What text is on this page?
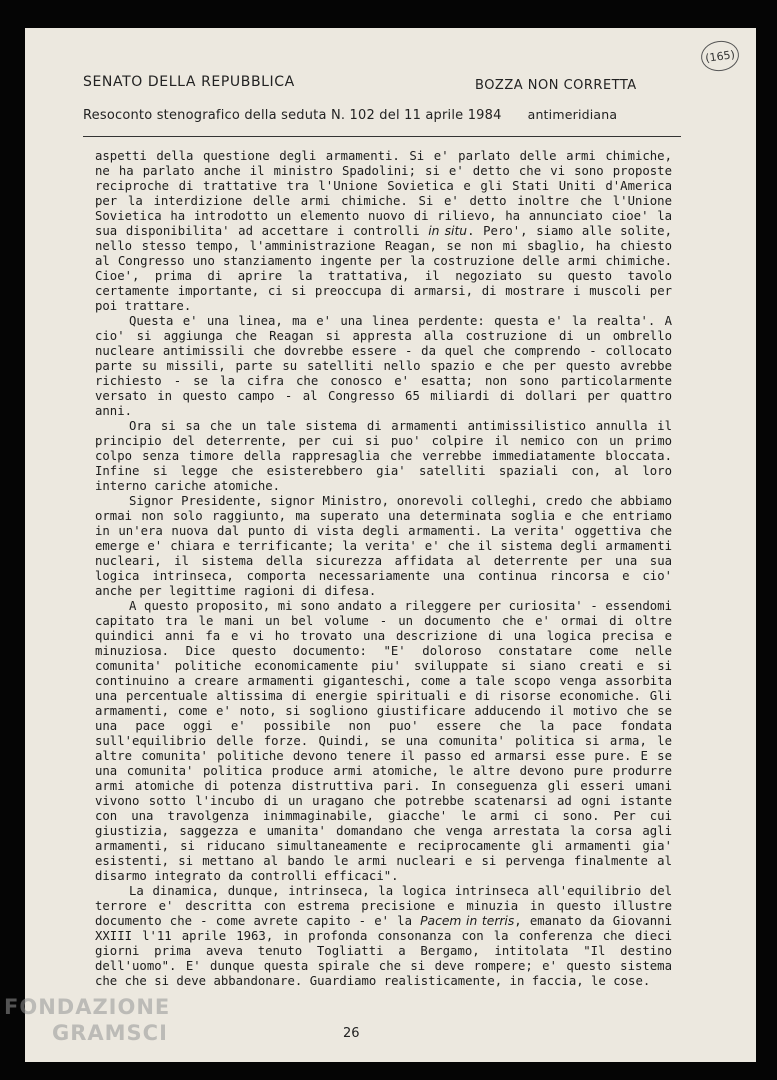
(165)
SENATO DELLA REPUBBLICA	BOZZA NON CORRETTA
Resoconto stenografico della seduta N. 102 del 11 aprile 1984 antimeridiana

aspetti della questione degli armamenti. Si e' parlato delle armi chimiche, ne ha parlato anche il ministro Spadolini; si e' detto che vi sono proposte reciproche di trattative tra l'Unione Sovietica e gli Stati Uniti d'America per la interdizione delle armi chimiche. Si e' detto inoltre che l'Unione Sovietica ha introdotto un elemento nuovo di rilievo, ha annunciato cioe' la sua disponibilita' ad accettare i controlli in situ. Pero', siamo alle solite, nello stesso tempo, l'amministrazione Reagan, se non mi sbaglio, ha chiesto al Congresso uno stanziamento ingente per la costruzione delle armi chimiche. Cioe', prima di aprire la trattativa, il negoziato su questo tavolo certamente importante, ci si preoccupa di armarsi, di mostrare i muscoli per poi trattare.

Questa e' una linea, ma e' una linea perdente: questa e' la realta'. A cio' si aggiunga che Reagan si appresta alla costruzione di un ombrello nucleare antimissili che dovrebbe essere - da quel che comprendo - collocato parte su missili, parte su satelliti nello spazio e che per questo avrebbe richiesto - se la cifra che conosco e' esatta; non sono particolarmente versato in questo campo - al Congresso 65 miliardi di dollari per quattro anni.

Ora si sa che un tale sistema di armamenti antimissilistico annulla il principio del deterrente, per cui si puo' colpire il nemico con un primo colpo senza timore della rappresaglia che verrebbe immediatamente bloccata. Infine si legge che esisterebbero gia' satelliti spaziali con, al loro interno cariche atomiche.

Signor Presidente, signor Ministro, onorevoli colleghi, credo che abbiamo ormai non solo raggiunto, ma superato una determinata soglia e che entriamo in un'era nuova dal punto di vista degli armamenti. La verita' oggettiva che emerge e' chiara e terrificante; la verita' e' che il sistema degli armamenti nucleari, il sistema della sicurezza affidata al deterrente per una sua logica intrinseca, comporta necessariamente una continua rincorsa e cio' anche per legittime ragioni di difesa.

A questo proposito, mi sono andato a rileggere per curiosita' - essendomi capitato tra le mani un bel volume - un documento che e' ormai di oltre quindici anni fa e vi ho trovato una descrizione di una logica precisa e minuziosa. Dice questo documento: "E' doloroso constatare come nelle comunita' politiche economicamente piu' sviluppate si siano creati e si continuino a creare armamenti giganteschi, come a tale scopo venga assorbita una percentuale altissima di energie spirituali e di risorse economiche. Gli armamenti, come e' noto, si sogliono giustificare adducendo il motivo che se una pace oggi e' possibile non puo' essere che la pace fondata sull'equilibrio delle forze. Quindi, se una comunita' politica si arma, le altre comunita' politiche devono tenere il passo ed armarsi esse pure. E se una comunita' politica produce armi atomiche, le altre devono pure produrre armi atomiche di potenza distruttiva pari. In conseguenza gli esseri umani vivono sotto l'incubo di un uragano che potrebbe scatenarsi ad ogni istante con una travolgenza inimmaginabile, giacche' le armi ci sono. Per cui giustizia, saggezza e umanita' domandano che venga arrestata la corsa agli armamenti, si riducano simultaneamente e reciprocamente gli armamenti gia' esistenti, si mettano al bando le armi nucleari e si pervenga finalmente al disarmo integrato da controlli efficaci".

La dinamica, dunque, intrinseca, la logica intrinseca all'equilibrio del terrore e' descritta con estrema precisione e minuzia in questo illustre documento che - come avrete capito - e' la Pacem in terris, emanato da Giovanni XXIII l'11 aprile 1963, in profonda consonanza con la conferenza che dieci giorni prima aveva tenuto Togliatti a Bergamo, intitolata "Il destino dell'uomo". E' dunque questa spirale che si deve rompere; e' questo sistema che che si deve abbandonare. Guardiamo realisticamente, in faccia, le cose.

26
FONDAZIONE
GRAMSCI
